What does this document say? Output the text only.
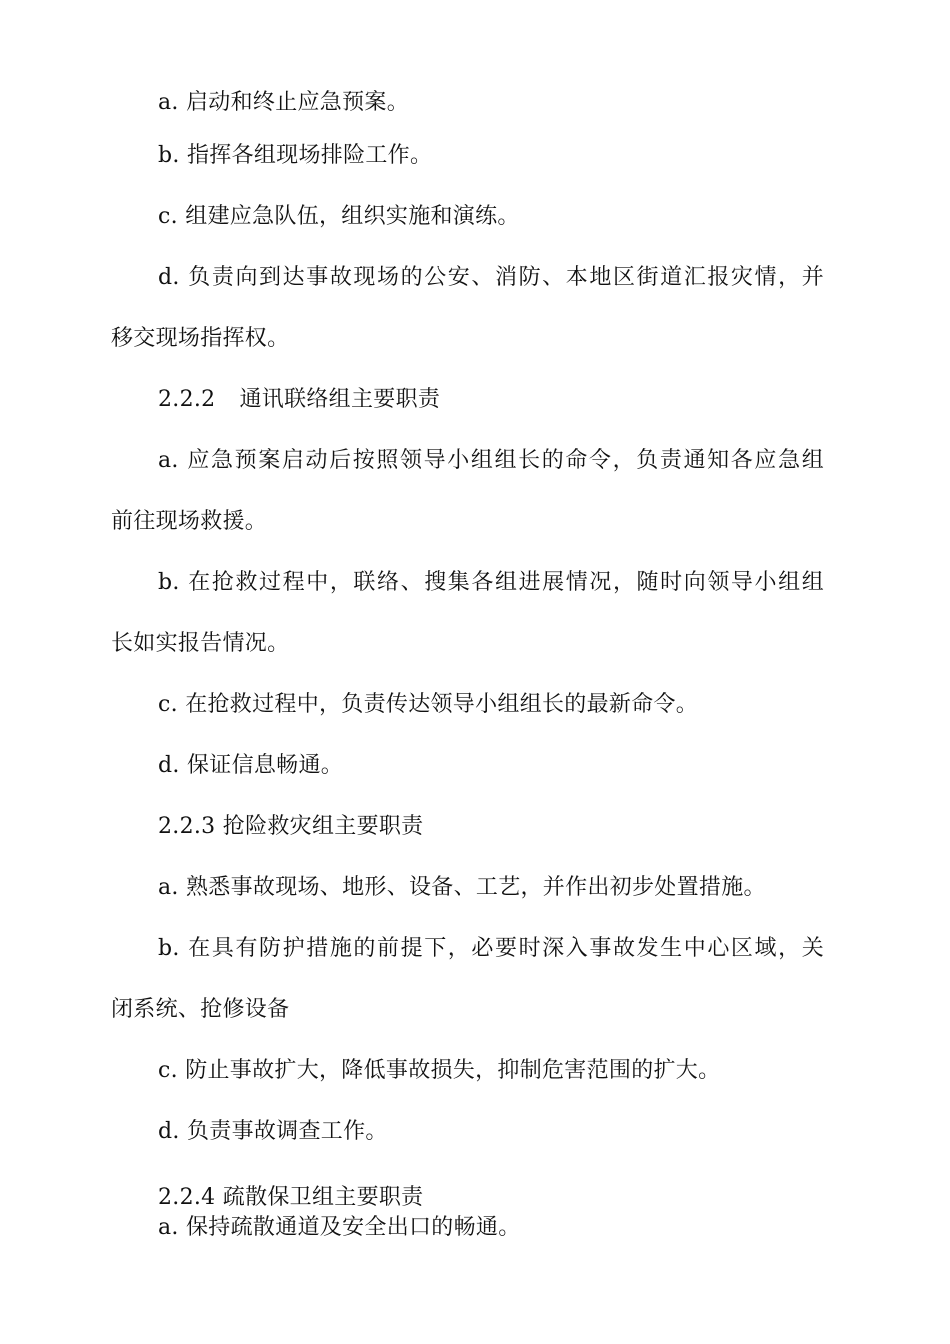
a. 启动和终止应急预案。
b. 指挥各组现场排险工作。
c. 组建应急队伍，组织实施和演练。
d. 负责向到达事故现场的公安、消防、本地区街道汇报灾情，并
移交现场指挥权。
2.2.2 通讯联络组主要职责
a. 应急预案启动后按照领导小组组长的命令，负责通知各应急组
前往现场救援。
b. 在抢救过程中，联络、搜集各组进展情况，随时向领导小组组
长如实报告情况。
c. 在抢救过程中，负责传达领导小组组长的最新命令。
d. 保证信息畅通。
2.2.3 抢险救灾组主要职责
a. 熟悉事故现场、地形、设备、工艺，并作出初步处置措施。
b. 在具有防护措施的前提下，必要时深入事故发生中心区域，关
闭系统、抢修设备
c. 防止事故扩大，降低事故损失，抑制危害范围的扩大。
d. 负责事故调查工作。
2.2.4 疏散保卫组主要职责
a. 保持疏散通道及安全出口的畅通。
